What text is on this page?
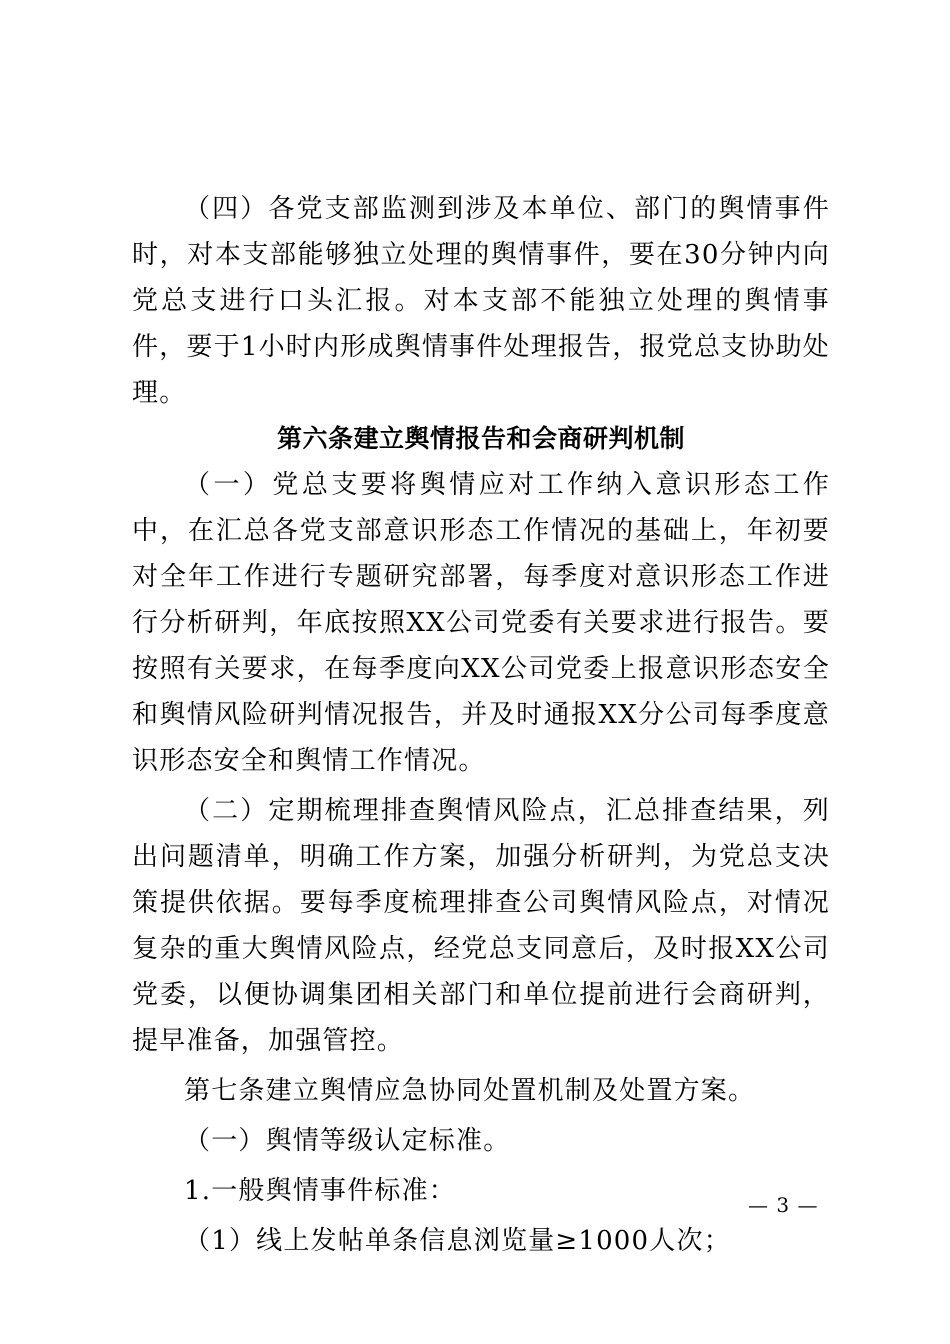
（四）各党支部监测到涉及本单位、部门的舆情事件时，对本支部能够独立处理的舆情事件，要在30分钟内向党总支进行口头汇报。对本支部不能独立处理的舆情事件，要于1小时内形成舆情事件处理报告，报党总支协助处理。

第六条建立舆情报告和会商研判机制

（一）党总支要将舆情应对工作纳入意识形态工作中，在汇总各党支部意识形态工作情况的基础上，年初要对全年工作进行专题研究部署，每季度对意识形态工作进行分析研判，年底按照XX公司党委有关要求进行报告。要按照有关要求，在每季度向XX公司党委上报意识形态安全和舆情风险研判情况报告，并及时通报XX分公司每季度意识形态安全和舆情工作情况。

（二）定期梳理排查舆情风险点，汇总排查结果，列出问题清单，明确工作方案，加强分析研判，为党总支决策提供依据。要每季度梳理排查公司舆情风险点，对情况复杂的重大舆情风险点，经党总支同意后，及时报XX公司党委，以便协调集团相关部门和单位提前进行会商研判，提早准备，加强管控。

第七条建立舆情应急协同处置机制及处置方案。

（一）舆情等级认定标准。

1.一般舆情事件标准：

（1）线上发帖单条信息浏览量≥1000人次；

— 3 —
